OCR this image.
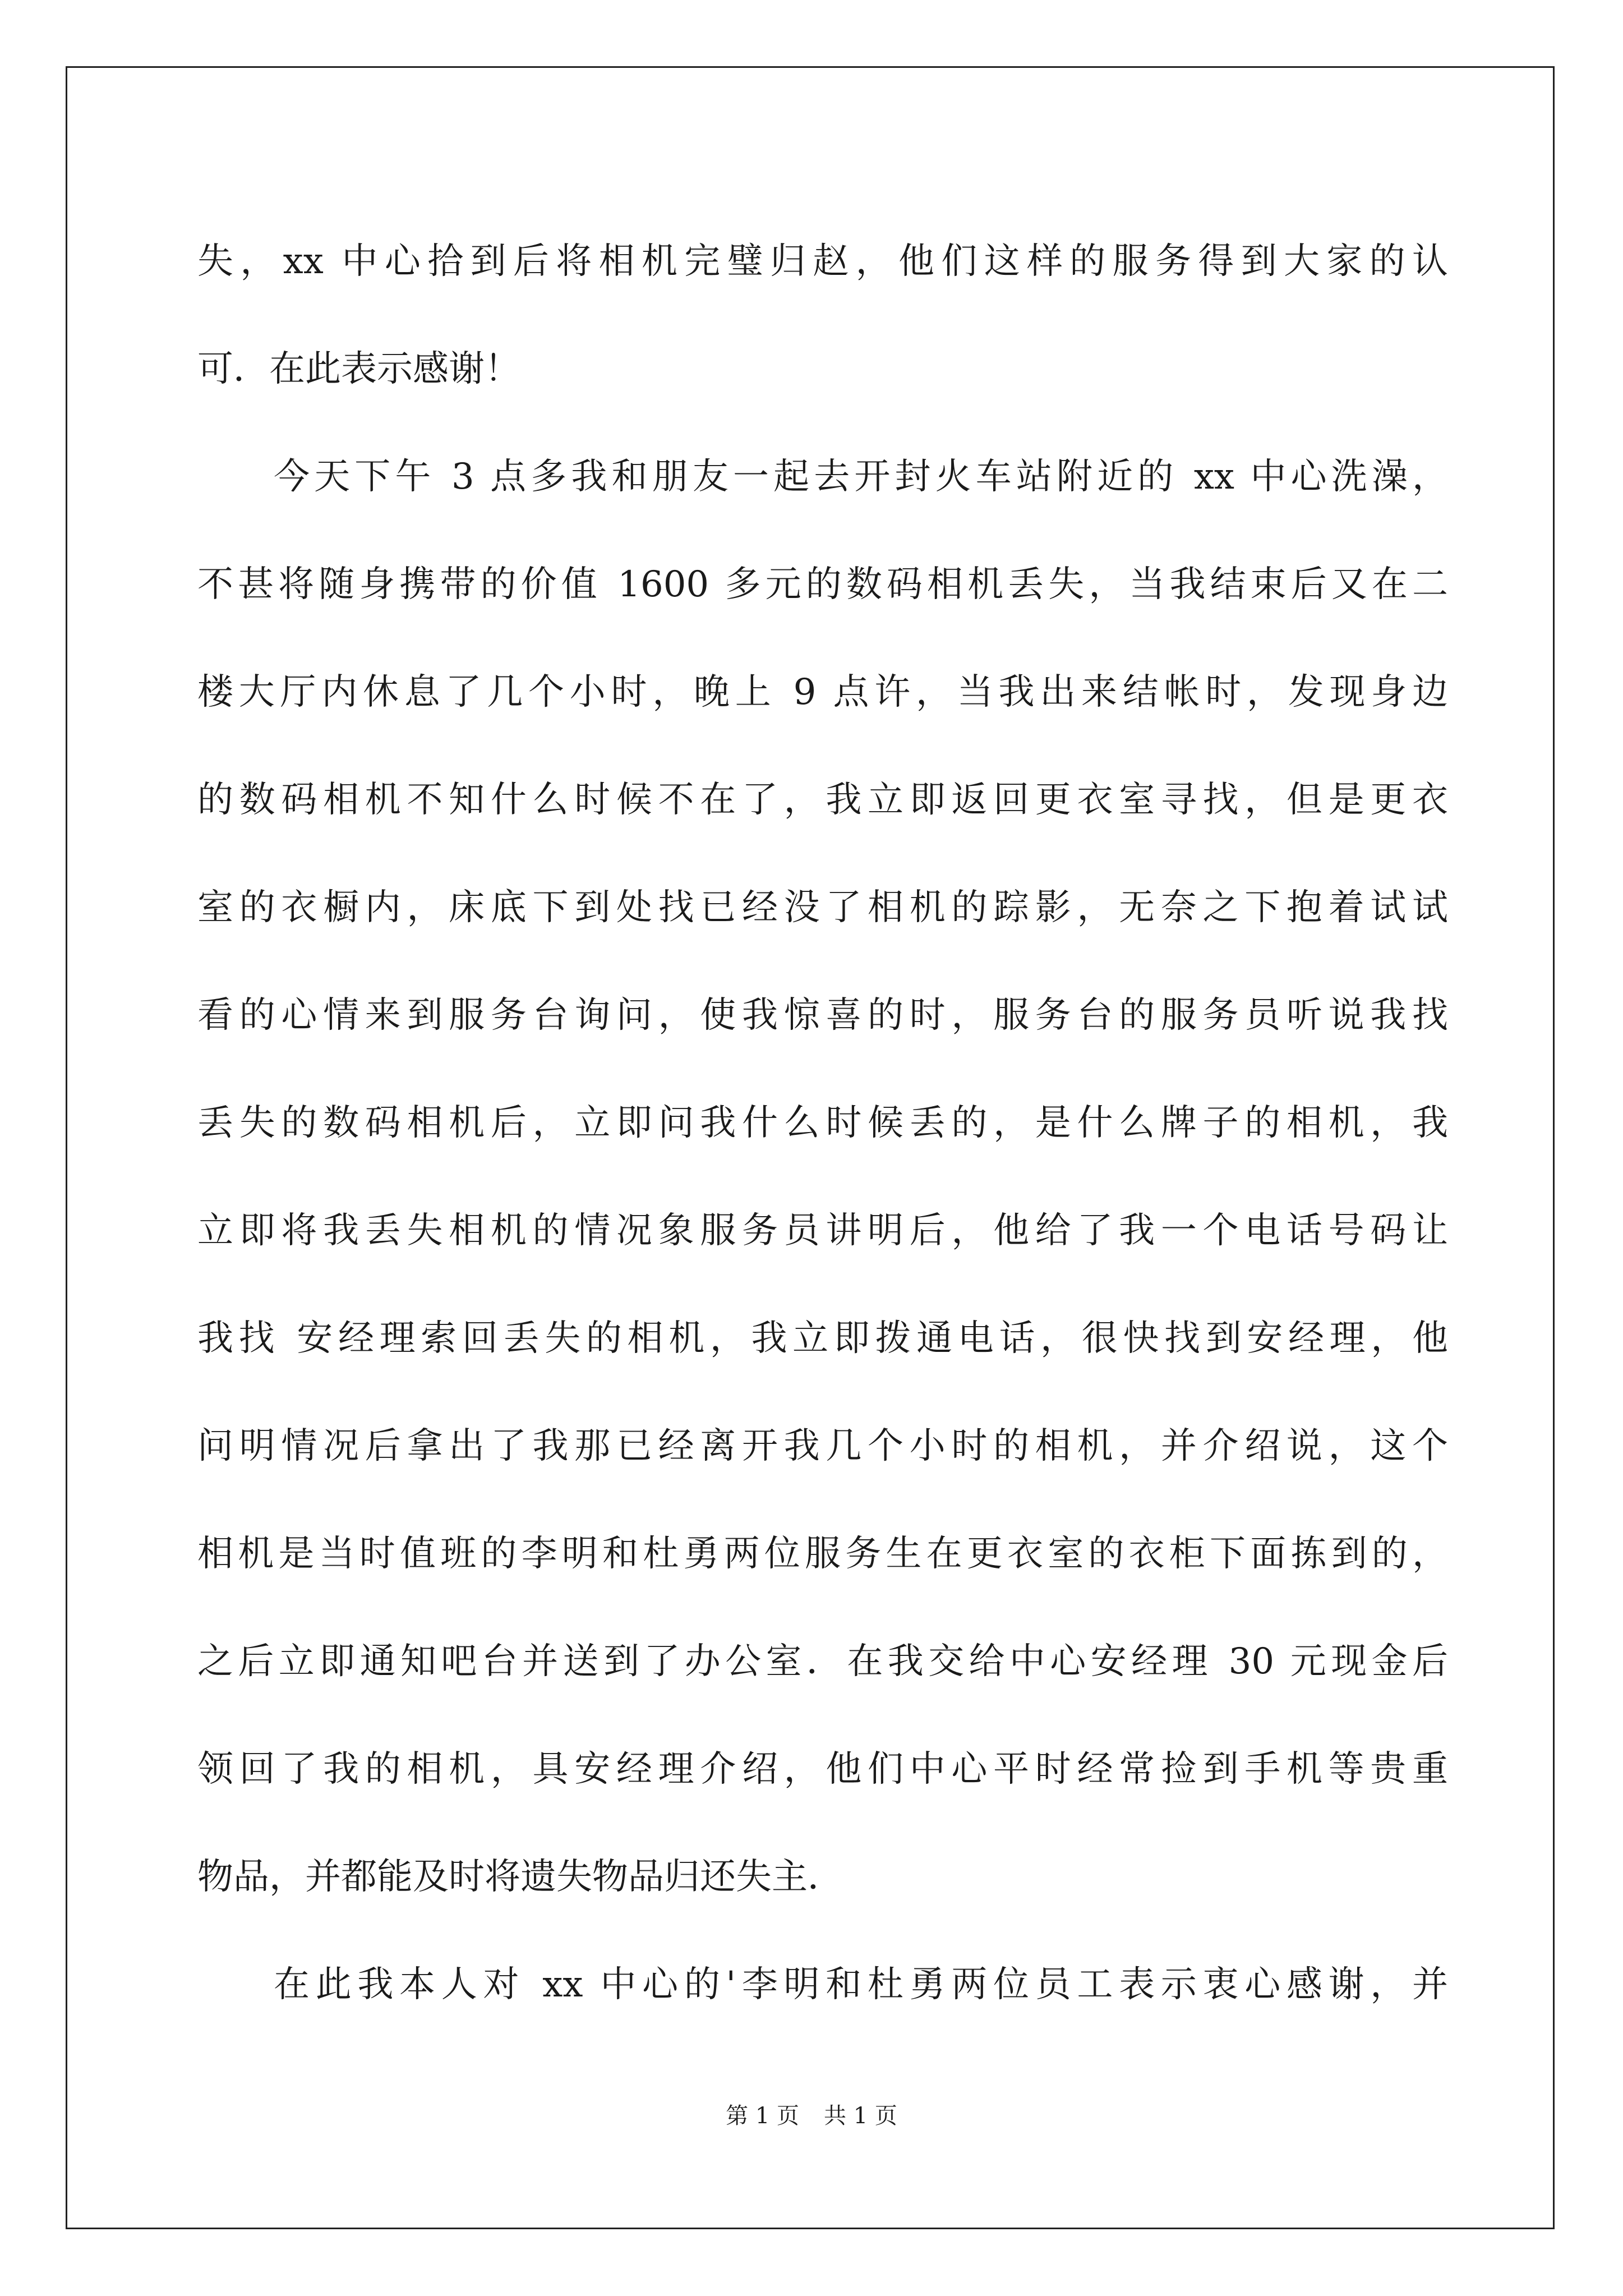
失，xx 中心拾到后将相机完璧归赵，他们这样的服务得到大家的认
可．在此表示感谢！
今天下午 3 点多我和朋友一起去开封火车站附近的 xx 中心洗澡，
不甚将随身携带的价值 1600 多元的数码相机丢失，当我结束后又在二
楼大厅内休息了几个小时，晚上 9 点许，当我出来结帐时，发现身边
的数码相机不知什么时候不在了，我立即返回更衣室寻找，但是更衣
室的衣橱内，床底下到处找已经没了相机的踪影，无奈之下抱着试试
看的心情来到服务台询问，使我惊喜的时，服务台的服务员听说我找
丢失的数码相机后，立即问我什么时候丢的，是什么牌子的相机，我
立即将我丢失相机的情况象服务员讲明后，他给了我一个电话号码让
我找 安经理索回丢失的相机，我立即拨通电话，很快找到安经理，他
问明情况后拿出了我那已经离开我几个小时的相机，并介绍说，这个
相机是当时值班的李明和杜勇两位服务生在更衣室的衣柜下面拣到的，
之后立即通知吧台并送到了办公室．在我交给中心安经理 30 元现金后
领回了我的相机，具安经理介绍，他们中心平时经常捡到手机等贵重
物品，并都能及时将遗失物品归还失主．
在此我本人对 xx 中心的'李明和杜勇两位员工表示衷心感谢，并
第 1 页 共 1 页
